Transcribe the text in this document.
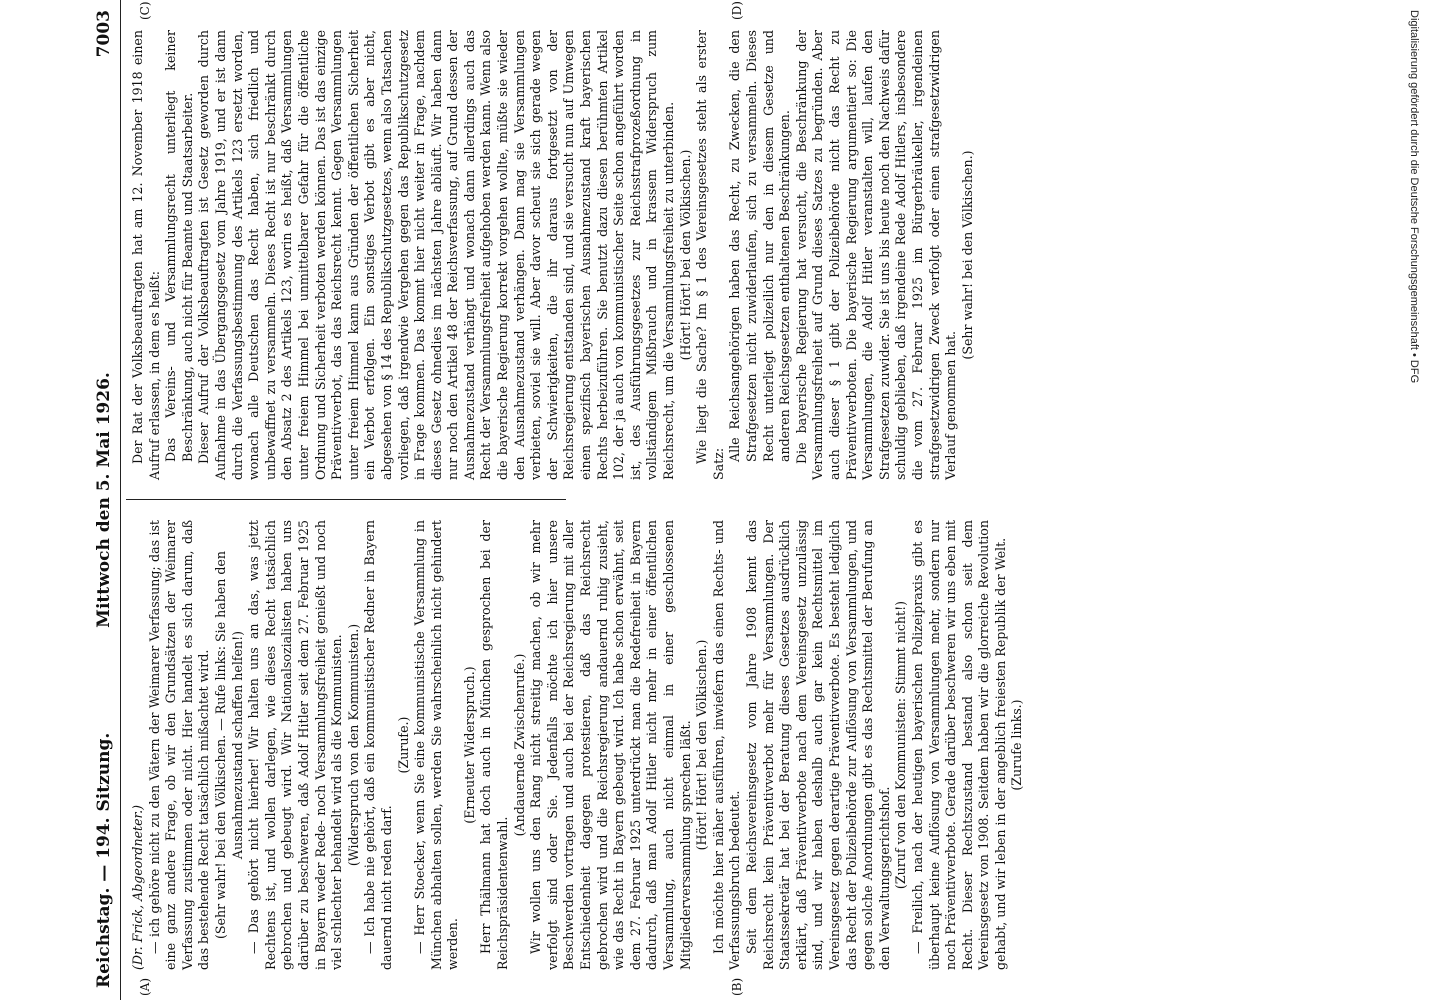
Reichstag. — 194. Sitzung.
Mittwoch den 5. Mai 1926.
7003
(A)	(B)
(C)	(D)
(Dr. Frick, Abgeordneter.) — ich gehöre nicht zu den Vätern der Weimarer Verfassung; das ist eine ganz andere Frage, ob wir den Grundsätzen der Weimarer Verfassung zustimmen oder nicht. Hier handelt es sich darum, daß das bestehende Recht tatsächlich mißachtet wird. (Sehr wahr! bei den Völkischen. — Rufe links: Sie haben den Ausnahmezustand schaffen helfen!) — Das gehört nicht hierher! Wir halten uns an das, was jetzt Rechtens ist, und wollen darlegen, wie dieses Recht tatsächlich gebrochen und gebeugt wird. Wir Nationalsozialisten haben uns darüber zu beschweren, daß Adolf Hitler seit dem 27. Februar 1925 in Bayern weder Rede- noch Versammlungsfreiheit genießt und noch viel schlechter behandelt wird als die Kommunisten. (Widerspruch von den Kommunisten.) — Ich habe nie gehört, daß ein kommunistischer Redner in Bayern dauernd nicht reden darf.
(Zurufe.) — Herr Stoecker, wenn Sie eine kommunistische Versammlung in München abhalten sollen, werden Sie wahrscheinlich nicht gehindert werden.
(Erneuter Widerspruch.) Herr Thälmann hat doch auch in München gesprochen bei der Reichspräsidentenwahl.
(Andauernde Zwischenrufe.) Wir wollen uns den Rang nicht streitig machen, ob wir mehr verfolgt sind oder Sie. Jedenfalls möchte ich hier unsere Beschwerden vortragen und auch bei der Reichsregierung mit aller Entschiedenheit dagegen protestieren, daß das Reichsrecht gebrochen wird und die Reichsregierung andauernd ruhig zusieht, wie das Recht in Bayern gebeugt wird. Ich habe schon erwähnt, seit dem 27. Februar 1925 unterdrückt man die Redefreiheit in Bayern dadurch, daß man Adolf Hitler nicht mehr in einer öffentlichen Versammlung, auch nicht einmal in einer geschlossenen Mitgliederversammlung sprechen läßt. (Hört! Hört! bei den Völkischen.) Ich möchte hier näher ausführen, inwiefern das einen Rechts- und Verfassungsbruch bedeutet. Seit dem Reichsvereinsgesetz vom Jahre 1908 kennt das Reichsrecht kein Präventivverbot mehr für Versammlungen. Der Staatssekretär hat bei der Beratung dieses Gesetzes ausdrücklich erklärt, daß Präventivverbote nach dem Vereinsgesetz unzulässig sind, und wir haben deshalb auch gar kein Rechtsmittel im Vereinsgesetz gegen derartige Präventivverbote. Es besteht lediglich das Recht der Polizeibehörde zur Auflösung von Versammlungen, und gegen solche Anordnungen gibt es das Rechtsmittel der Berufung an den Verwaltungsgerichtshof. (Zuruf von den Kommunisten: Stimmt nicht!) — Freilich, nach der heutigen bayerischen Polizeipraxis gibt es überhaupt keine Auflösung von Versammlungen mehr, sondern nur noch Präventivverbote. Gerade darüber beschweren wir uns eben mit Recht. Dieser Rechtszustand bestand also schon seit dem Vereinsgesetz von 1908. Seitdem haben wir die glorreiche Revolution gehabt, und wir leben in der angeblich freiesten Republik der Welt. (Zurufe links.)
Der Rat der Volksbeauftragten hat am 12. November 1918 einen Aufruf erlassen, in dem es heißt: Das Vereins- und Versammlungsrecht unterliegt keiner Beschränkung, auch nicht für Beamte und Staatsarbeiter. Dieser Aufruf der Volksbeauftragten ist Gesetz geworden durch Aufnahme in das Übergangsgesetz vom Jahre 1919, und er ist dann durch die Verfassungsbestimmung des Artikels 123 ersetzt worden, wonach alle Deutschen das Recht haben, sich friedlich und unbewaffnet zu versammeln. Dieses Recht ist nur beschränkt durch den Absatz 2 des Artikels 123, worin es heißt, daß Versammlungen unter freiem Himmel bei unmittelbarer Gefahr für die öffentliche Ordnung und Sicherheit verboten werden können. Das ist das einzige Präventivverbot, das das Reichsrecht kennt. Gegen Versammlungen unter freiem Himmel kann aus Gründen der öffentlichen Sicherheit ein Verbot erfolgen. Ein sonstiges Verbot gibt es aber nicht, abgesehen von § 14 des Republikschutzgesetzes, wenn also Tatsachen vorliegen, daß irgendwie Vergehen gegen das Republikschutzgesetz in Frage kommen. Das kommt hier nicht weiter in Frage, nachdem dieses Gesetz ohnedies im nächsten Jahre abläuft. Wir haben dann nur noch den Artikel 48 der Reichsverfassung, auf Grund dessen der Ausnahmezustand verhängt und wonach dann allerdings auch das Recht der Versammlungsfreiheit aufgehoben werden kann. Wenn also die bayerische Regierung korrekt vorgehen wollte, müßte sie wieder den Ausnahmezustand verhängen. Dann mag sie Versammlungen verbieten, soviel sie will. Aber davor scheut sie sich gerade wegen der Schwierigkeiten, die ihr daraus fortgesetzt von der Reichsregierung entstanden sind, und sie versucht nun auf Umwegen einen spezifisch bayerischen Ausnahmezustand kraft bayerischen Rechts herbeizuführen. Sie benutzt dazu diesen berühmten Artikel 102, der ja auch von kommunistischer Seite schon angeführt worden ist, des Ausführungsgesetzes zur Reichsstrafprozeßordnung in vollständigem Mißbrauch und in krassem Widerspruch zum Reichsrecht, um die Versammlungsfreiheit zu unterbinden. (Hört! Hört! bei den Völkischen.) Wie liegt die Sache? Im § 1 des Vereinsgesetzes steht als erster Satz:
Alle Reichsangehörigen haben das Recht, zu Zwecken, die den Strafgesetzen nicht zuwiderlaufen, sich zu versammeln. Dieses Recht unterliegt polizeilich nur den in diesem Gesetze und anderen Reichsgesetzen enthaltenen Beschränkungen. Die bayerische Regierung hat versucht, die Beschränkung der Versammlungsfreiheit auf Grund dieses Satzes zu begründen. Aber auch dieser § 1 gibt der Polizeibehörde nicht das Recht zu Präventivverboten. Die bayerische Regierung argumentiert so: Die Versammlungen, die Adolf Hitler veranstalten will, laufen den Strafgesetzen zuwider. Sie ist uns bis heute noch den Nachweis dafür schuldig geblieben, daß irgendeine Rede Adolf Hitlers, insbesondere die vom 27. Februar 1925 im Bürgerbräukeller, irgendeinen strafgesetzwidrigen Zweck verfolgt oder einen strafgesetzwidrigen Verlauf genommen hat.
(Sehr wahr! bei den Völkischen.)	Digitalisierung gefördert durch die Deutsche Forschungsgemeinschaft • DFG
